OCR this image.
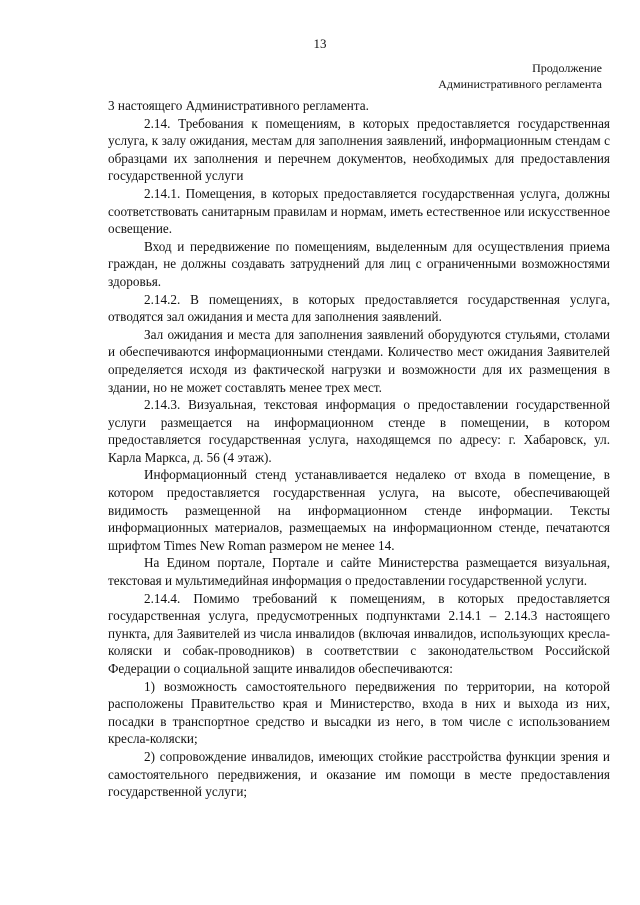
13
Продолжение
Административного регламента

3 настоящего Административного регламента.

2.14. Требования к помещениям, в которых предоставляется государственная услуга, к залу ожидания, местам для заполнения заявлений, информационным стендам с образцами их заполнения и перечнем документов, необходимых для предоставления государственной услуги

2.14.1. Помещения, в которых предоставляется государственная услуга, должны соответствовать санитарным правилам и нормам, иметь естественное или искусственное освещение.

Вход и передвижение по помещениям, выделенным для осуществления приема граждан, не должны создавать затруднений для лиц с ограниченными возможностями здоровья.

2.14.2. В помещениях, в которых предоставляется государственная услуга, отводятся зал ожидания и места для заполнения заявлений.

Зал ожидания и места для заполнения заявлений оборудуются стульями, столами и обеспечиваются информационными стендами. Количество мест ожидания Заявителей определяется исходя из фактической нагрузки и возможности для их размещения в здании, но не может составлять менее трех мест.

2.14.3. Визуальная, текстовая информация о предоставлении государственной услуги размещается на информационном стенде в помещении, в котором предоставляется государственная услуга, находящемся по адресу: г. Хабаровск, ул. Карла Маркса, д. 56 (4 этаж).

Информационный стенд устанавливается недалеко от входа в помещение, в котором предоставляется государственная услуга, на высоте, обеспечивающей видимость размещенной на информационном стенде информации. Тексты информационных материалов, размещаемых на информационном стенде, печатаются шрифтом Times New Roman размером не менее 14.

На Едином портале, Портале и сайте Министерства размещается визуальная, текстовая и мультимедийная информация о предоставлении государственной услуги.

2.14.4. Помимо требований к помещениям, в которых предоставляется государственная услуга, предусмотренных подпунктами 2.14.1 – 2.14.3 настоящего пункта, для Заявителей из числа инвалидов (включая инвалидов, использующих кресла-коляски и собак-проводников) в соответствии с законодательством Российской Федерации о социальной защите инвалидов обеспечиваются:

1) возможность самостоятельного передвижения по территории, на которой расположены Правительство края и Министерство, входа в них и выхода из них, посадки в транспортное средство и высадки из него, в том числе с использованием кресла-коляски;

2) сопровождение инвалидов, имеющих стойкие расстройства функции зрения и самостоятельного передвижения, и оказание им помощи в месте предоставления государственной услуги;
